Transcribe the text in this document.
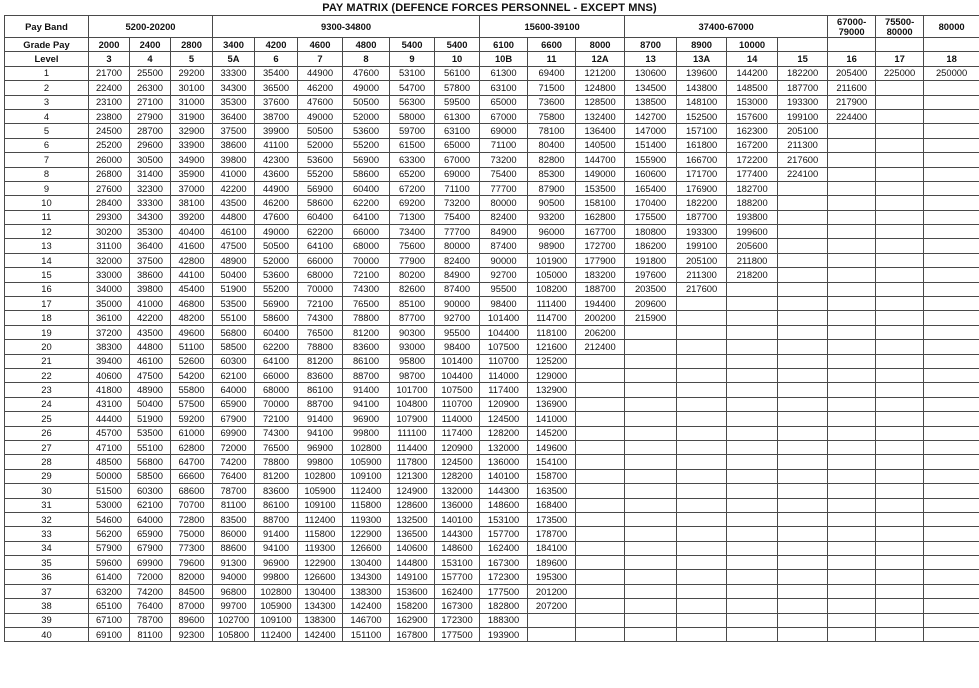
PAY MATRIX (DEFENCE FORCES PERSONNEL - EXCEPT MNS)
Pay Band	5200-20200			9300-34800						15600-39100			37400-67000				67000-79000	75500-80000	80000	
Grade Pay	2000	2400	2800	3400	4200	4600	4800	5400	5400	6100	6600	8000	8700	8900	10000					
Level	3	4	5	5A	6	7	8	9	10	10B	11	12A	13	13A	14	15	16	17	18	
1	21700	25500	29200	33300	35400	44900	47600	53100	56100	61300	69400	121200	130600	139600	144200	182200	205400	225000	250000	
2	22400	26300	30100	34300	36500	46200	49000	54700	57800	63100	71500	124800	134500	143800	148500	187700	211600			
3	23100	27100	31000	35300	37600	47600	50500	56300	59500	65000	73600	128500	138500	148100	153000	193300	217900			
4	23800	27900	31900	36400	38700	49000	52000	58000	61300	67000	75800	132400	142700	152500	157600	199100	224400			
5	24500	28700	32900	37500	39900	50500	53600	59700	63100	69000	78100	136400	147000	157100	162300	205100				
6	25200	29600	33900	38600	41100	52000	55200	61500	65000	71100	80400	140500	151400	161800	167200	211300				
7	26000	30500	34900	39800	42300	53600	56900	63300	67000	73200	82800	144700	155900	166700	172200	217600				
8	26800	31400	35900	41000	43600	55200	58600	65200	69000	75400	85300	149000	160600	171700	177400	224100				
9	27600	32300	37000	42200	44900	56900	60400	67200	71100	77700	87900	153500	165400	176900	182700					
10	28400	33300	38100	43500	46200	58600	62200	69200	73200	80000	90500	158100	170400	182200	188200					
11	29300	34300	39200	44800	47600	60400	64100	71300	75400	82400	93200	162800	175500	187700	193800					
12	30200	35300	40400	46100	49000	62200	66000	73400	77700	84900	96000	167700	180800	193300	199600					
13	31100	36400	41600	47500	50500	64100	68000	75600	80000	87400	98900	172700	186200	199100	205600					
14	32000	37500	42800	48900	52000	66000	70000	77900	82400	90000	101900	177900	191800	205100	211800					
15	33000	38600	44100	50400	53600	68000	72100	80200	84900	92700	105000	183200	197600	211300	218200					
16	34000	39800	45400	51900	55200	70000	74300	82600	87400	95500	108200	188700	203500	217600						
17	35000	41000	46800	53500	56900	72100	76500	85100	90000	98400	111400	194400	209600							
18	36100	42200	48200	55100	58600	74300	78800	87700	92700	101400	114700	200200	215900							
19	37200	43500	49600	56800	60400	76500	81200	90300	95500	104400	118100	206200								
20	38300	44800	51100	58500	62200	78800	83600	93000	98400	107500	121600	212400								
21	39400	46100	52600	60300	64100	81200	86100	95800	101400	110700	125200									
22	40600	47500	54200	62100	66000	83600	88700	98700	104400	114000	129000									
23	41800	48900	55800	64000	68000	86100	91400	101700	107500	117400	132900									
24	43100	50400	57500	65900	70000	88700	94100	104800	110700	120900	136900									
25	44400	51900	59200	67900	72100	91400	96900	107900	114000	124500	141000									
26	45700	53500	61000	69900	74300	94100	99800	111100	117400	128200	145200									
27	47100	55100	62800	72000	76500	96900	102800	114400	120900	132000	149600									
28	48500	56800	64700	74200	78800	99800	105900	117800	124500	136000	154100									
29	50000	58500	66600	76400	81200	102800	109100	121300	128200	140100	158700									
30	51500	60300	68600	78700	83600	105900	112400	124900	132000	144300	163500									
31	53000	62100	70700	81100	86100	109100	115800	128600	136000	148600	168400									
32	54600	64000	72800	83500	88700	112400	119300	132500	140100	153100	173500									
33	56200	65900	75000	86000	91400	115800	122900	136500	144300	157700	178700									
34	57900	67900	77300	88600	94100	119300	126600	140600	148600	162400	184100									
35	59600	69900	79600	91300	96900	122900	130400	144800	153100	167300	189600									
36	61400	72000	82000	94000	99800	126600	134300	149100	157700	172300	195300									
37	63200	74200	84500	96800	102800	130400	138300	153600	162400	177500	201200									
38	65100	76400	87000	99700	105900	134300	142400	158200	167300	182800	207200									
39	67100	78700	89600	102700	109100	138300	146700	162900	172300	188300										
40	69100	81100	92300	105800	112400	142400	151100	167800	177500	193900										
